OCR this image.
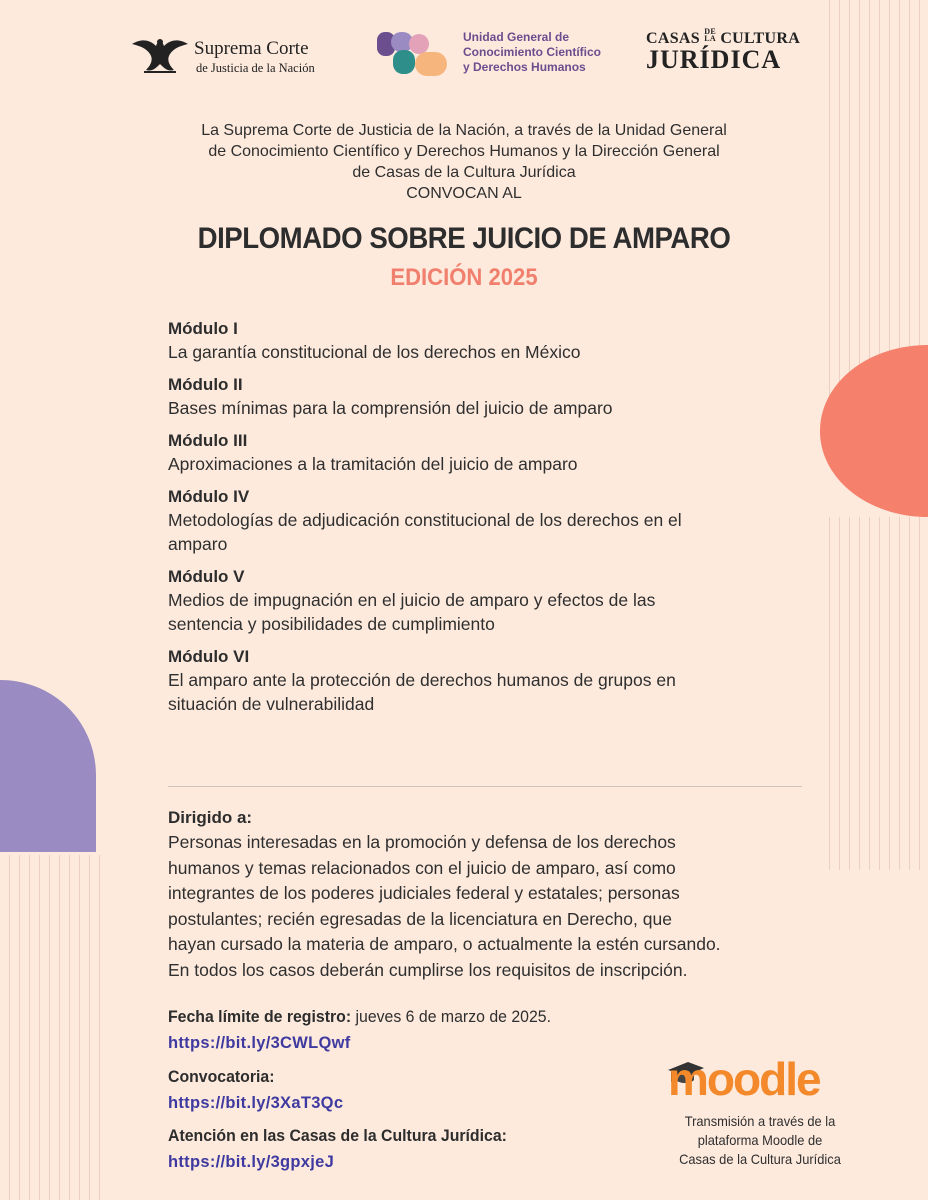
Suprema Corte
de Justicia de la Nación
Unidad General de
Conocimiento Científico
y Derechos Humanos
CASAS DE
LA CULTURA
JURÍDICA
La Suprema Corte de Justicia de la Nación, a través de la Unidad General
de Conocimiento Científico y Derechos Humanos y la Dirección General
de Casas de la Cultura Jurídica
CONVOCAN AL
DIPLOMADO SOBRE JUICIO DE AMPARO
EDICIÓN 2025
Módulo I
La garantía constitucional de los derechos en México
Módulo II
Bases mínimas para la comprensión del juicio de amparo
Módulo III
Aproximaciones a la tramitación del juicio de amparo
Módulo IV
Metodologías de adjudicación constitucional de los derechos en el
amparo
Módulo V
Medios de impugnación en el juicio de amparo y efectos de las
sentencia y posibilidades de cumplimiento
Módulo VI
El amparo ante la protección de derechos humanos de grupos en
situación de vulnerabilidad
Dirigido a:
Personas interesadas en la promoción y defensa de los derechos
humanos y temas relacionados con el juicio de amparo, así como
integrantes de los poderes judiciales federal y estatales; personas
postulantes; recién egresadas de la licenciatura en Derecho, que
hayan cursado la materia de amparo, o actualmente la estén cursando.
En todos los casos deberán cumplirse los requisitos de inscripción.
Fecha límite de registro: jueves 6 de marzo de 2025.
https://bit.ly/3CWLQwf
Convocatoria:
https://bit.ly/3XaT3Qc
Atención en las Casas de la Cultura Jurídica:
https://bit.ly/3gpxjeJ
moodle
Transmisión a través de la
plataforma Moodle de
Casas de la Cultura Jurídica
